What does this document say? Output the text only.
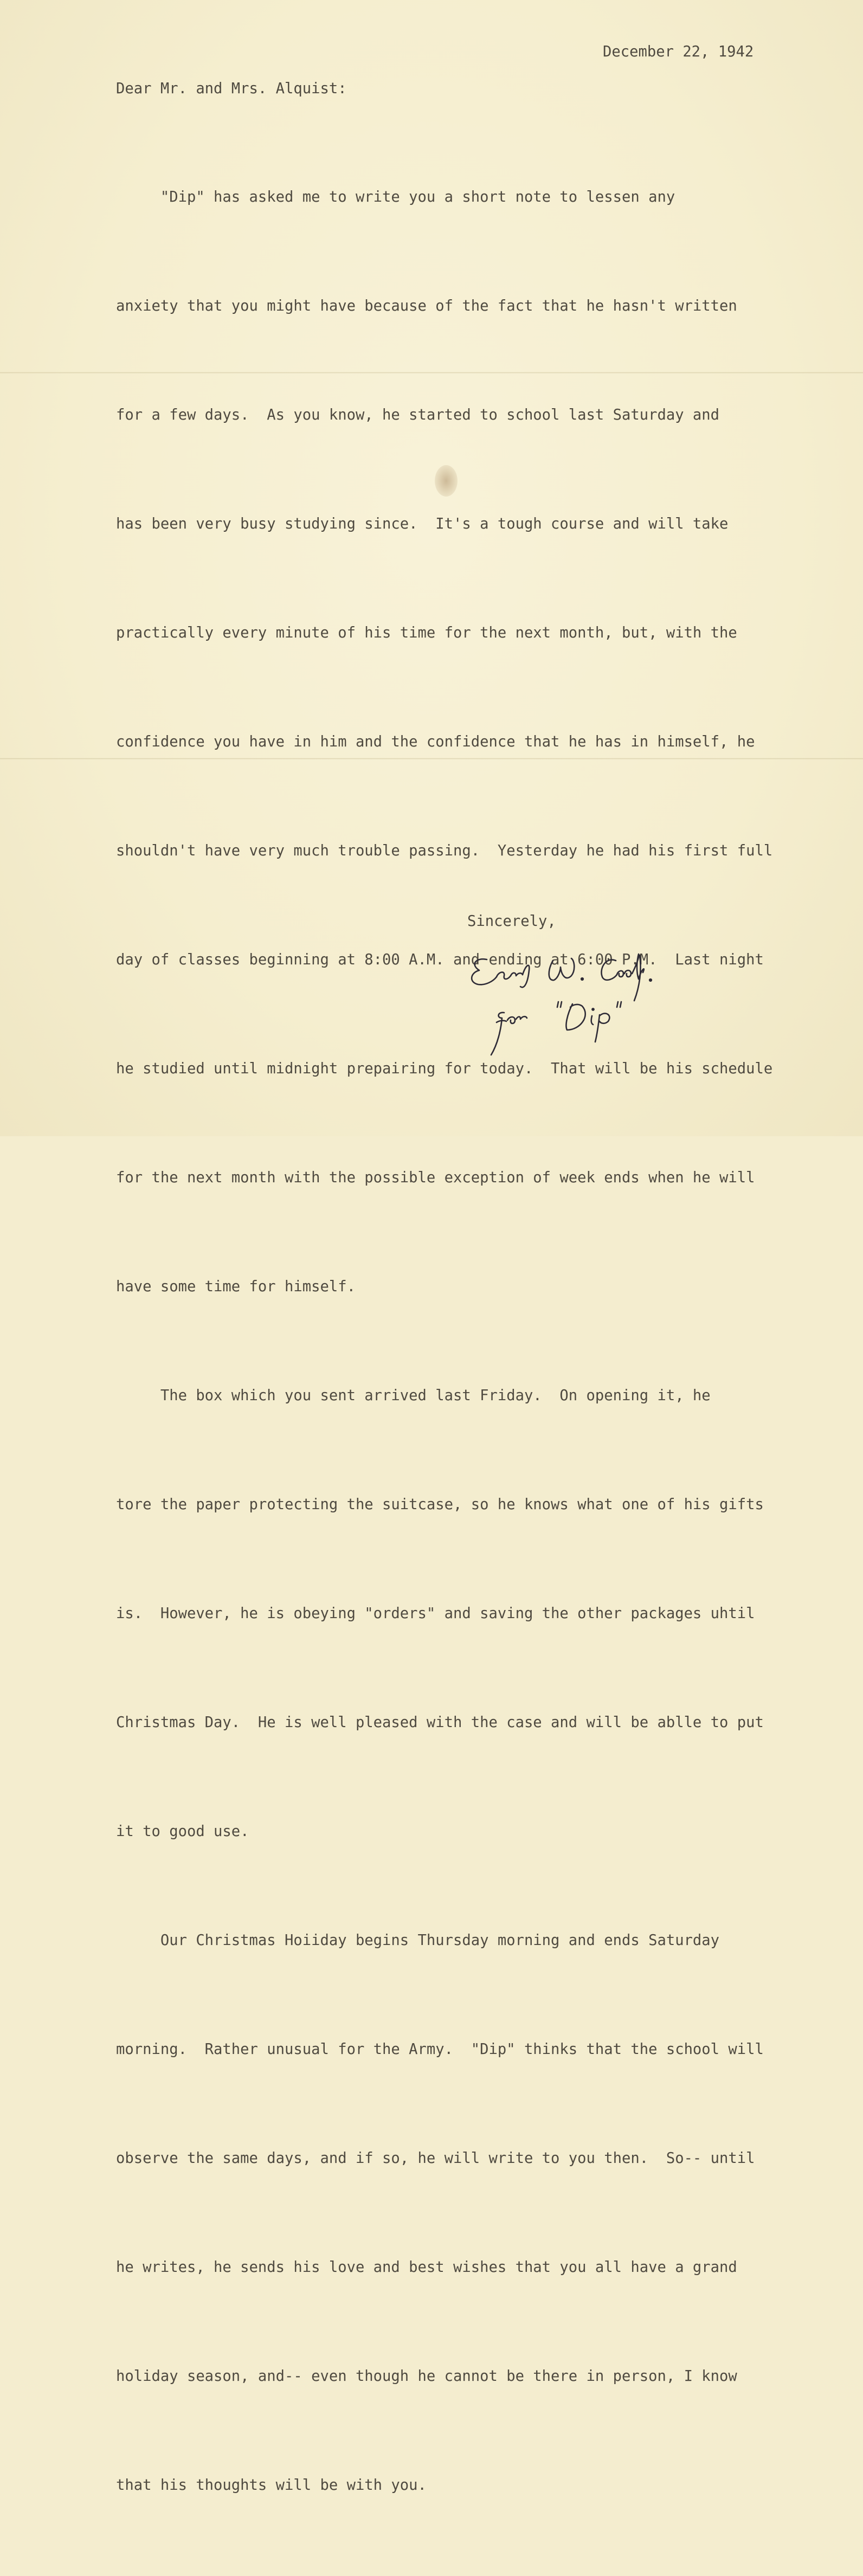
December 22, 1942
Dear Mr. and Mrs. Alquist:

"Dip" has asked me to write you a short note to lessen any

anxiety that you might have because of the fact that he hasn't written

for a few days.  As you know, he started to school last Saturday and

has been very busy studying since.  It's a tough course and will take

practically every minute of his time for the next month, but, with the

confidence you have in him and the confidence that he has in himself, he

shouldn't have very much trouble passing.  Yesterday he had his first full

day of classes beginning at 8:00 A.M. and ending at 6:00 P.M.  Last night

he studied until midnight prepairing for today.  That will be his schedule

for the next month with the possible exception of week ends when he will

have some time for himself.

The box which you sent arrived last Friday.  On opening it, he

tore the paper protecting the suitcase, so he knows what one of his gifts

is.  However, he is obeying "orders" and saving the other packages uhtil

Christmas Day.  He is well pleased with the case and will be ablle to put

it to good use.

Our Christmas Hoiiday begins Thursday morning and ends Saturday

morning.  Rather unusual for the Army.  "Dip" thinks that the school will

observe the same days, and if so, he will write to you then.  So-- until

he writes, he sends his love and best wishes that you all have a grand

holiday season, and-- even though he cannot be there in person, I know

that his thoughts will be with you.

Sincerely,
